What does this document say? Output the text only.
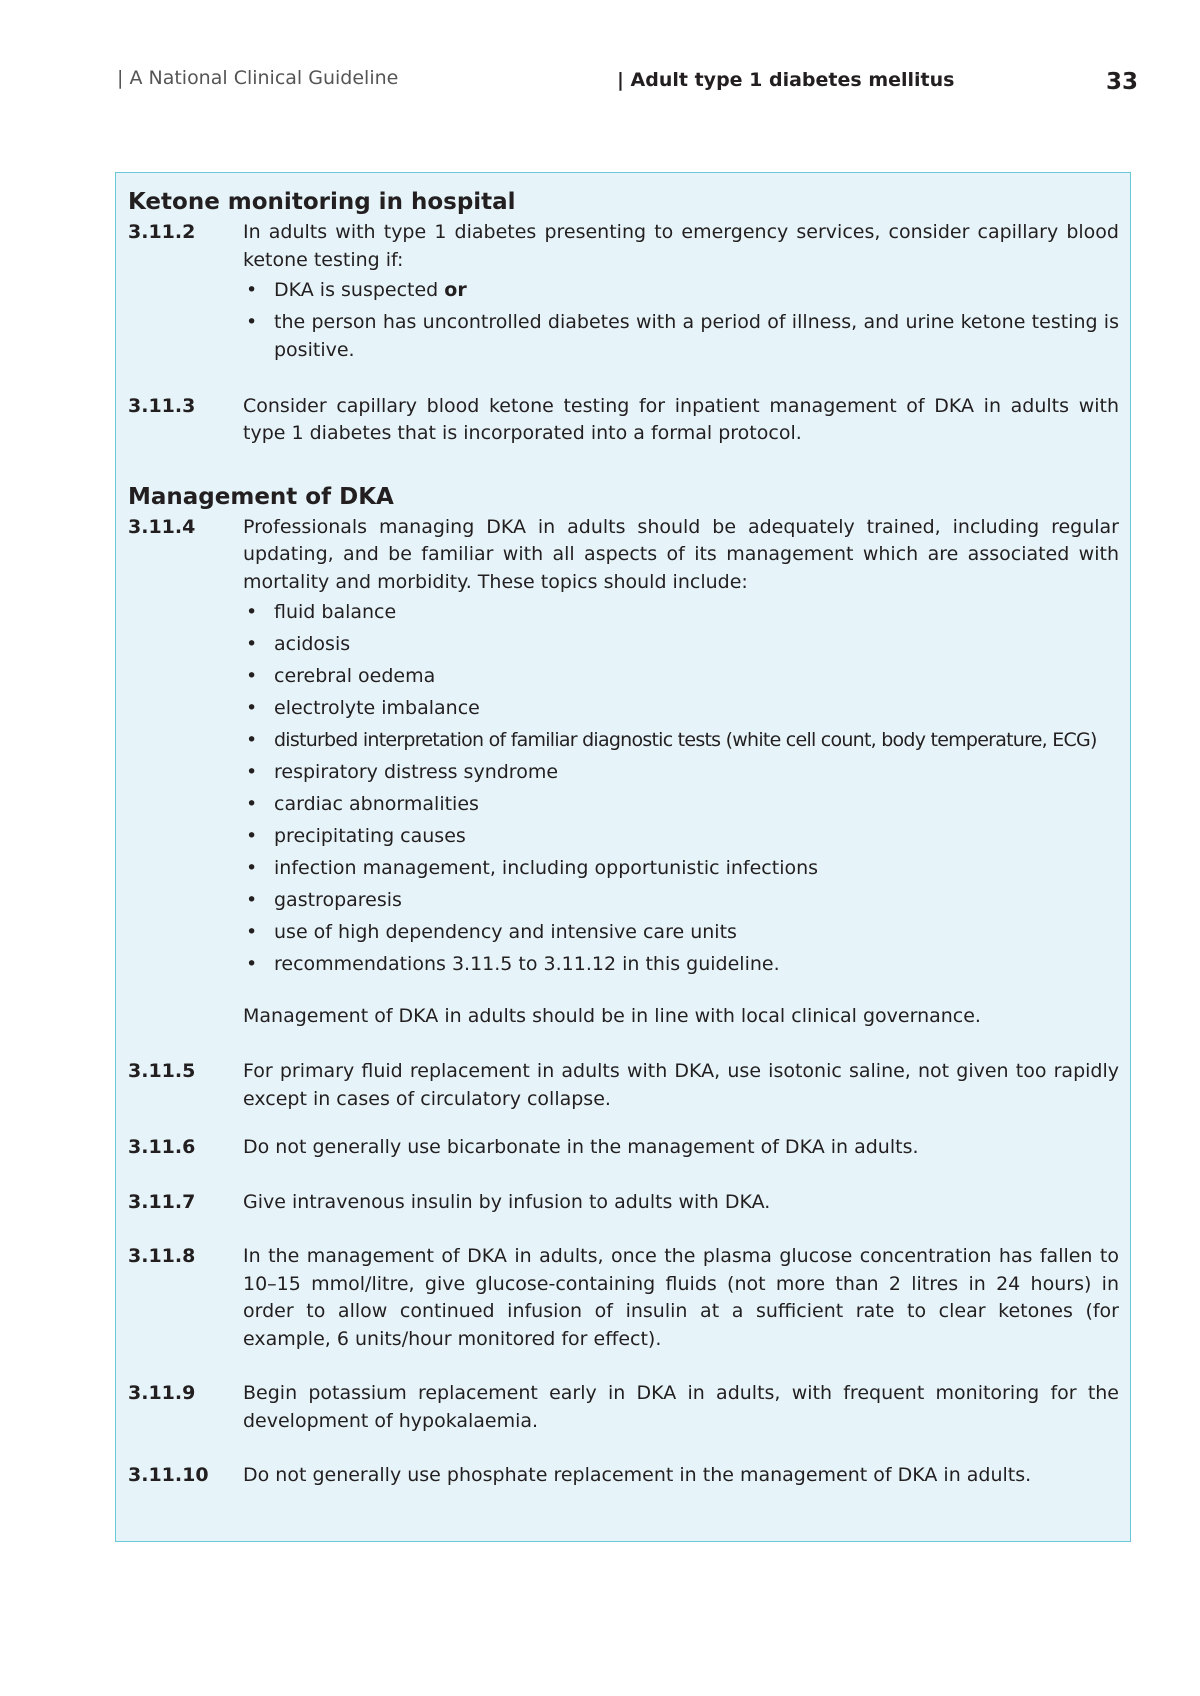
| A National Clinical Guideline	| Adult type 1 diabetes mellitus	33
Ketone monitoring in hospital
3.11.2	In adults with type 1 diabetes presenting to emergency services, consider capillary blood ketone testing if:
• DKA is suspected or
• the person has uncontrolled diabetes with a period of illness, and urine ketone testing is positive.
3.11.3	Consider capillary blood ketone testing for inpatient management of DKA in adults with type 1 diabetes that is incorporated into a formal protocol.
Management of DKA
3.11.4	Professionals managing DKA in adults should be adequately trained, including regular updating, and be familiar with all aspects of its management which are associated with mortality and morbidity. These topics should include:
• fluid balance
• acidosis
• cerebral oedema
• electrolyte imbalance
• disturbed interpretation of familiar diagnostic tests (white cell count, body temperature, ECG)
• respiratory distress syndrome
• cardiac abnormalities
• precipitating causes
• infection management, including opportunistic infections
• gastroparesis
• use of high dependency and intensive care units
• recommendations 3.11.5 to 3.11.12 in this guideline.
Management of DKA in adults should be in line with local clinical governance.
3.11.5	For primary fluid replacement in adults with DKA, use isotonic saline, not given too rapidly except in cases of circulatory collapse.
3.11.6	Do not generally use bicarbonate in the management of DKA in adults.
3.11.7	Give intravenous insulin by infusion to adults with DKA.
3.11.8	In the management of DKA in adults, once the plasma glucose concentration has fallen to 10–15 mmol/litre, give glucose-containing fluids (not more than 2 litres in 24 hours) in order to allow continued infusion of insulin at a sufficient rate to clear ketones (for example, 6 units/hour monitored for effect).
3.11.9	Begin potassium replacement early in DKA in adults, with frequent monitoring for the development of hypokalaemia.
3.11.10	Do not generally use phosphate replacement in the management of DKA in adults.
